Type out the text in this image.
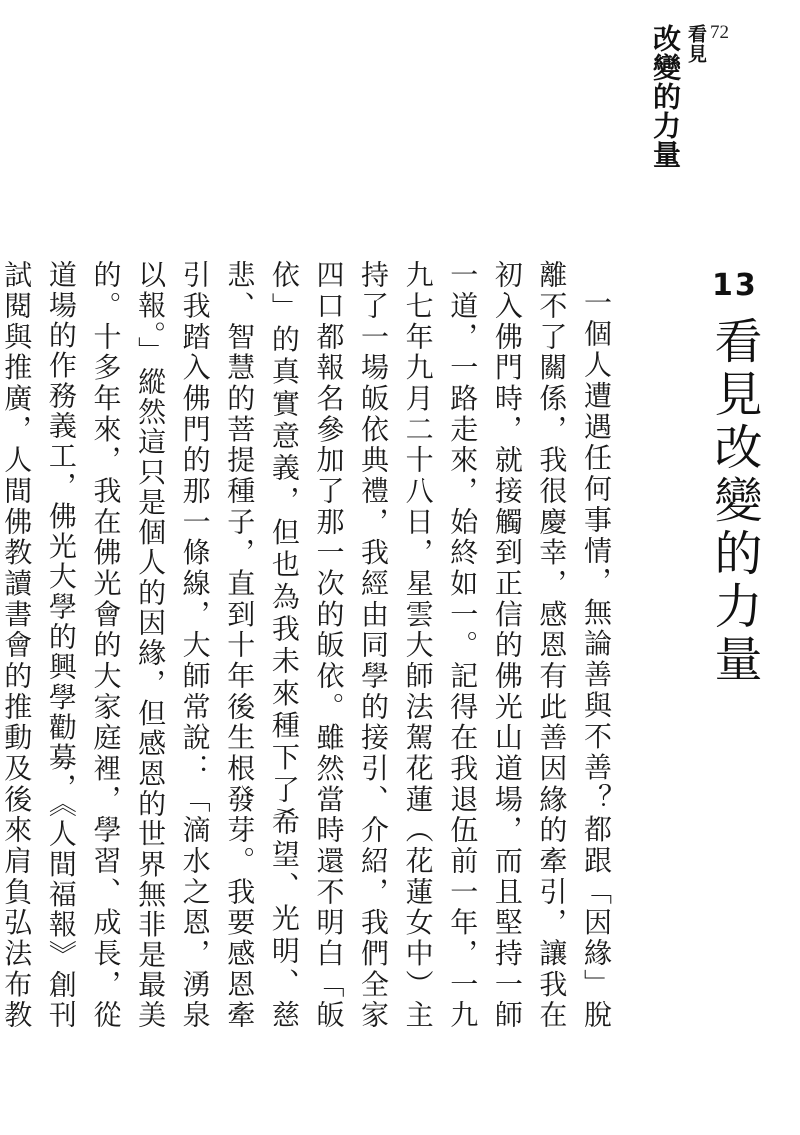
72
看見
改變的力量
13
看見改變的力量

一個人遭遇任何事情，無論善與不善？都跟「因緣」脫離不了關係，我很慶幸，感恩有此善因緣的牽引，讓我在初入佛門時，就接觸到正信的佛光山道場，而且堅持一師一道，一路走來，始終如一。記得在我退伍前一年，一九九七年九月二十八日，星雲大師法駕花蓮（花蓮女中）主持了一場皈依典禮，我經由同學的接引、介紹，我們全家四口都報名參加了那一次的皈依。雖然當時還不明白「皈依」的真實意義，但也為我未來種下了希望、光明、慈悲、智慧的菩提種子，直到十年後生根發芽。我要感恩牽引我踏入佛門的那一條線，大師常說：「滴水之恩，湧泉以報。」縱然這只是個人的因緣，但感恩的世界無非是最美的。十多年來，我在佛光會的大家庭裡，學習、成長，從道場的作務義工，佛光大學的興學勸募，《人間福報》創刊試閱與推廣，人間佛教讀書會的推動及後來肩負弘法布教
